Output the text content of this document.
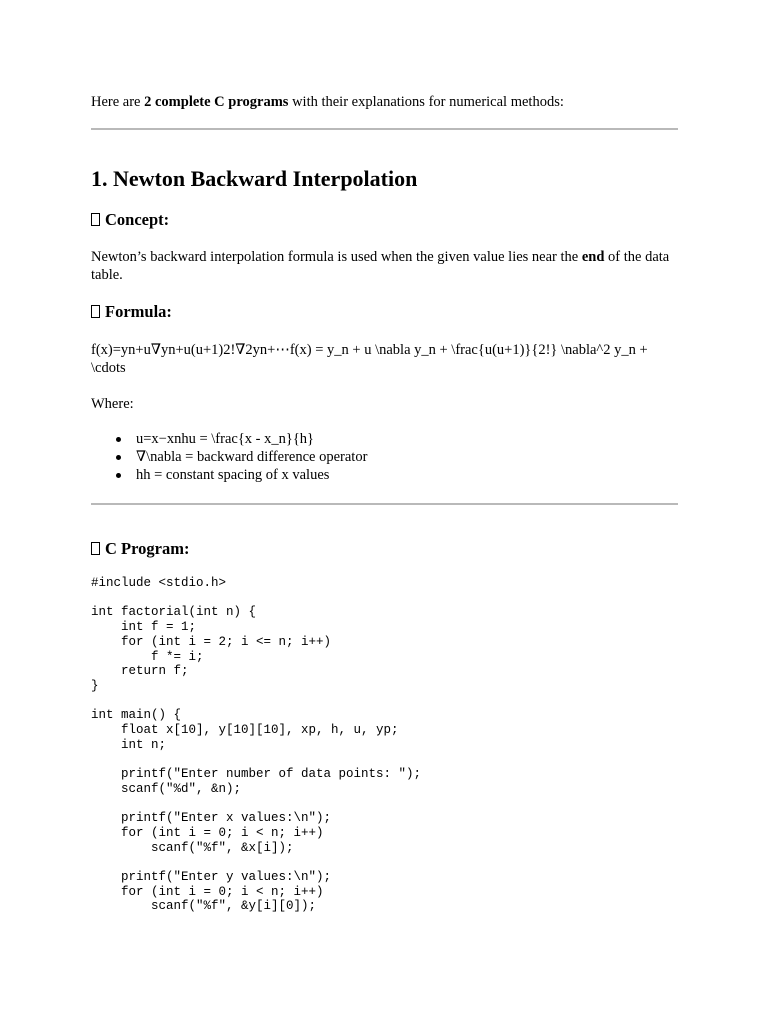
Here are 2 complete C programs with their explanations for numerical methods:
1. Newton Backward Interpolation
Concept:
Newton’s backward interpolation formula is used when the given value lies near the end of the data table.
Formula:
f(x)=yn+u∇yn+u(u+1)2!∇2yn+⋯f(x) = y_n + u \nabla y_n + \frac{u(u+1)}{2!} \nabla^2 y_n + \cdots
Where:
u=x−xnhu = \frac{x - x_n}{h}
∇\nabla = backward difference operator
hh = constant spacing of x values
C Program:
#include <stdio.h>

int factorial(int n) {
int f = 1;
for (int i = 2; i <= n; i++)
f *= i;
return f;
}

int main() {
float x[10], y[10][10], xp, h, u, yp;
int n;

printf("Enter number of data points: ");
scanf("%d", &n);

printf("Enter x values:\n");
for (int i = 0; i < n; i++)
scanf("%f", &x[i]);

printf("Enter y values:\n");
for (int i = 0; i < n; i++)
scanf("%f", &y[i][0]);
